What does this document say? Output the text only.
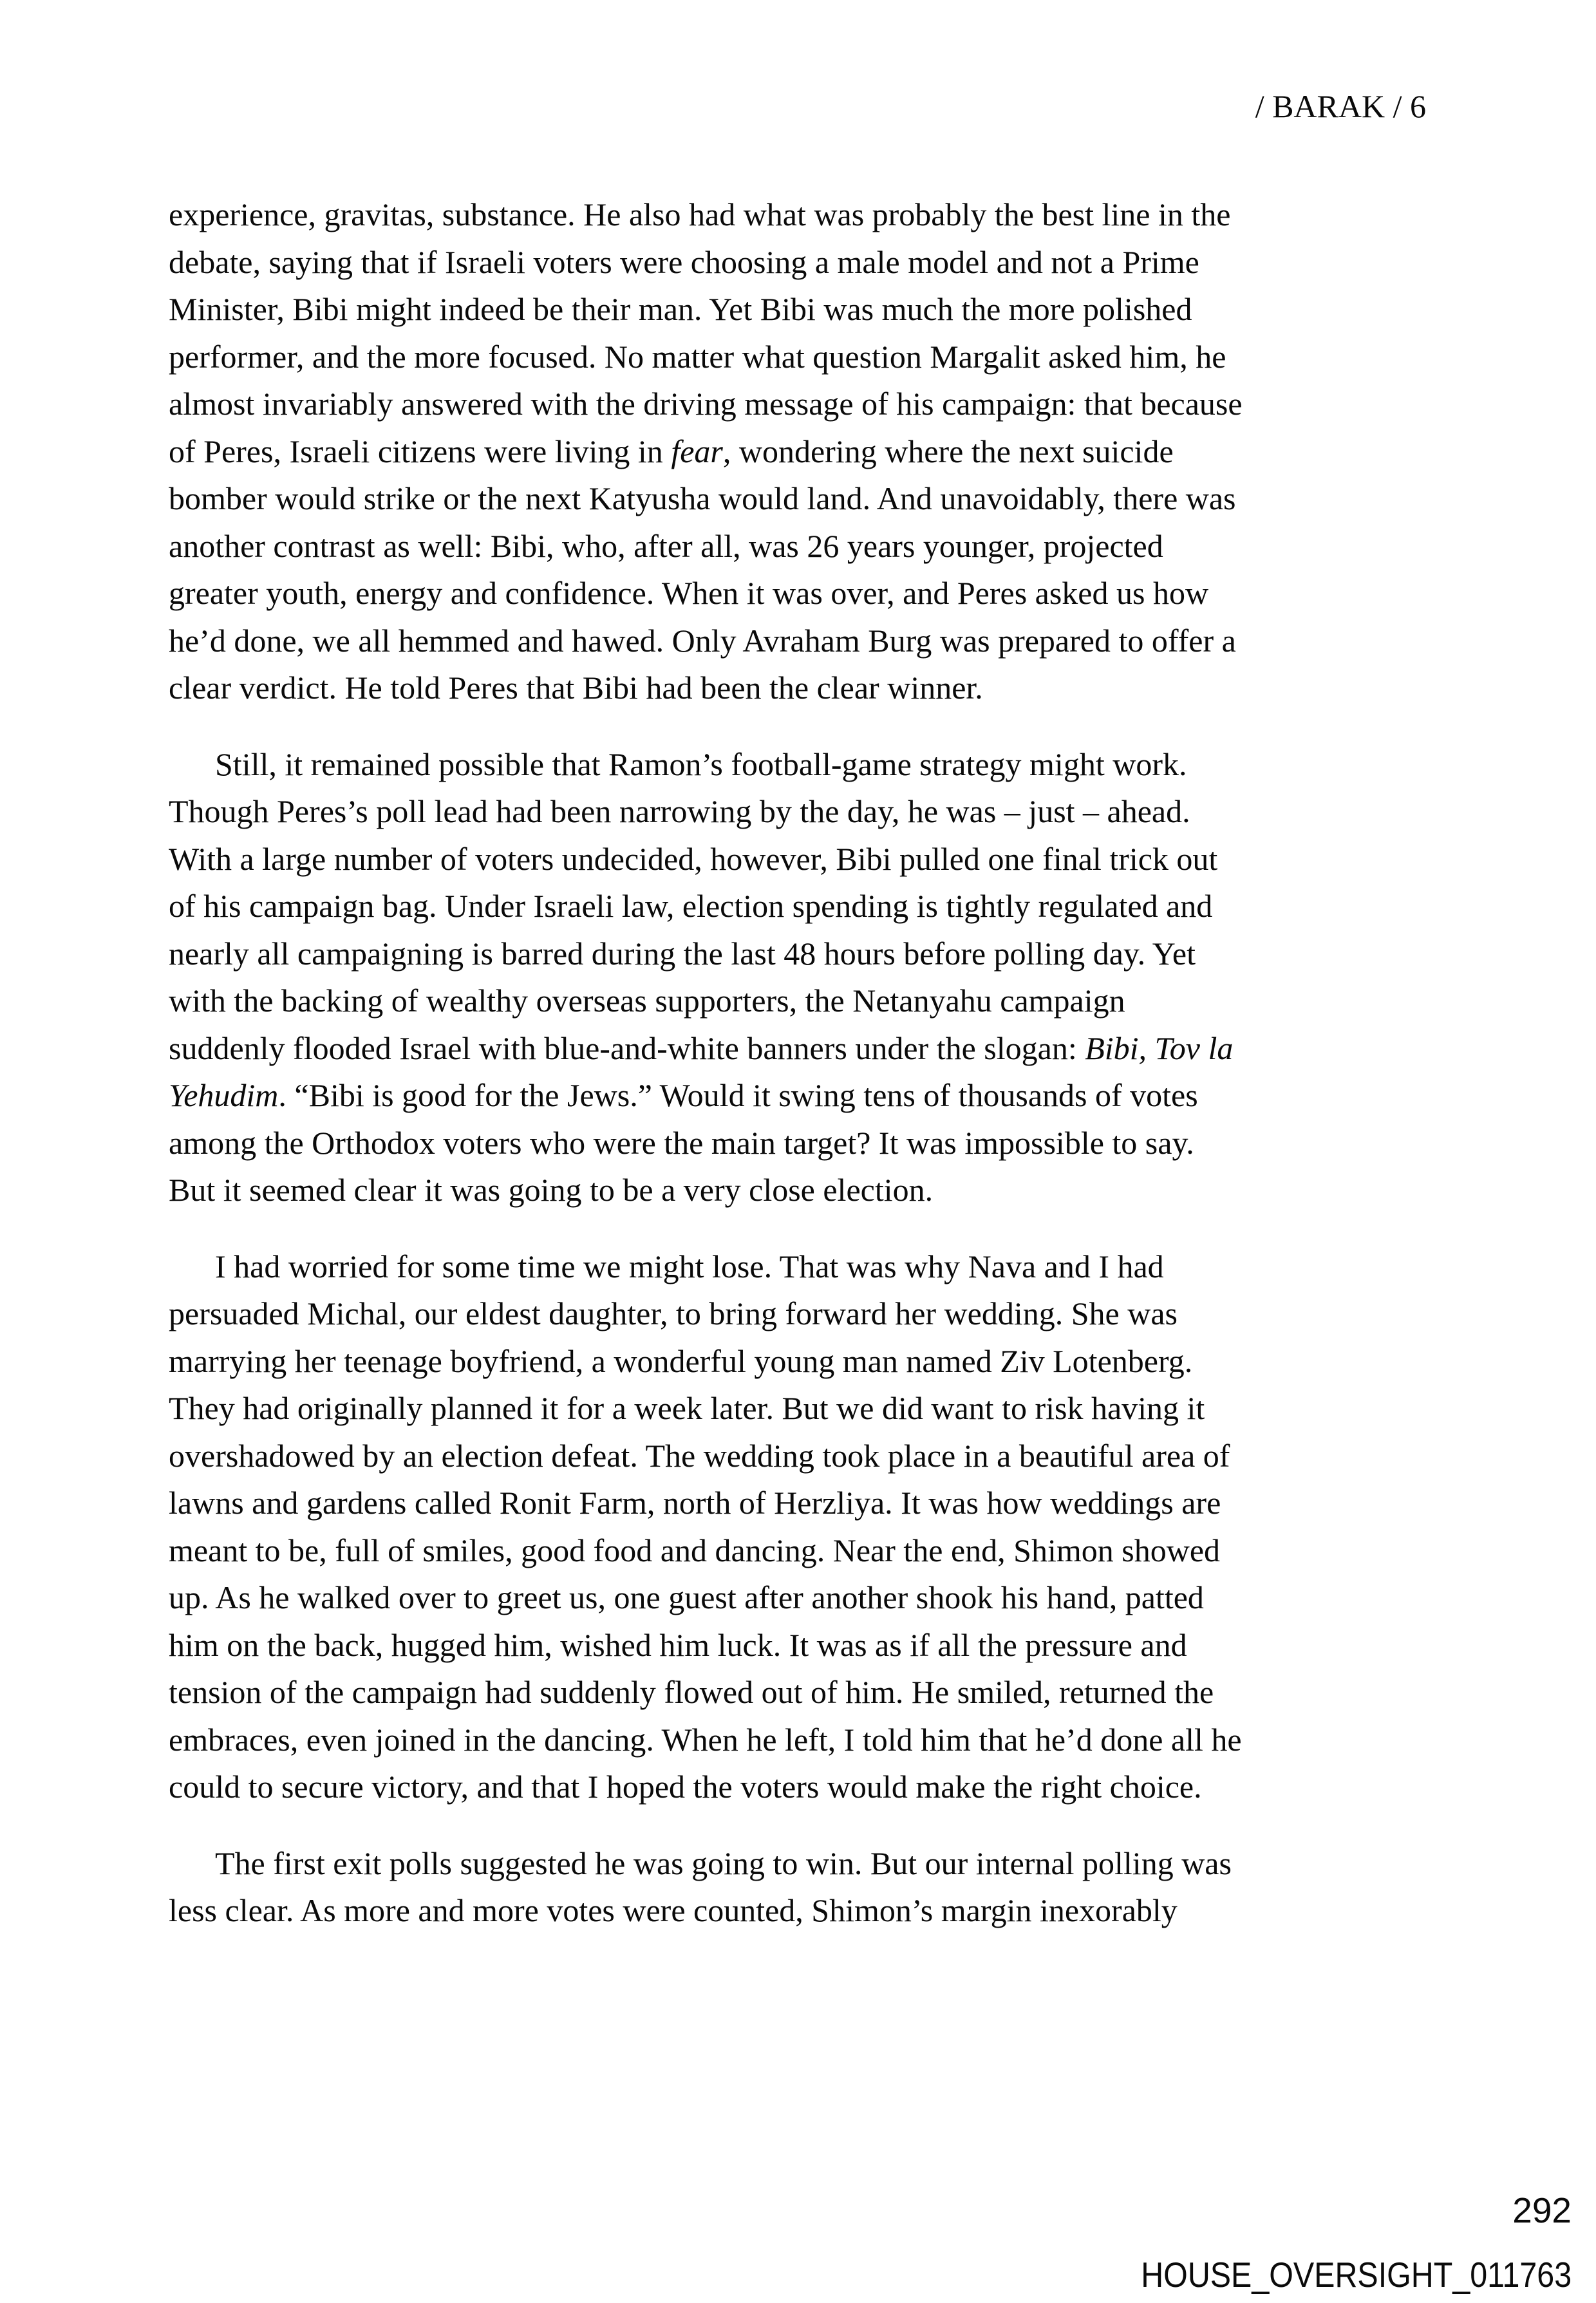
/ BARAK / 6
experience, gravitas, substance. He also had what was probably the best line in the
debate, saying that if Israeli voters were choosing a male model and not a Prime
Minister, Bibi might indeed be their man. Yet Bibi was much the more polished
performer, and the more focused. No matter what question Margalit asked him, he
almost invariably answered with the driving message of his campaign: that because
of Peres, Israeli citizens were living in fear, wondering where the next suicide
bomber would strike or the next Katyusha would land. And unavoidably, there was
another contrast as well: Bibi, who, after all, was 26 years younger, projected
greater youth, energy and confidence. When it was over, and Peres asked us how
he’d done, we all hemmed and hawed. Only Avraham Burg was prepared to offer a
clear verdict. He told Peres that Bibi had been the clear winner.
Still, it remained possible that Ramon’s football-game strategy might work.
Though Peres’s poll lead had been narrowing by the day, he was – just – ahead.
With a large number of voters undecided, however, Bibi pulled one final trick out
of his campaign bag. Under Israeli law, election spending is tightly regulated and
nearly all campaigning is barred during the last 48 hours before polling day. Yet
with the backing of wealthy overseas supporters, the Netanyahu campaign
suddenly flooded Israel with blue-and-white banners under the slogan: Bibi, Tov la
Yehudim. “Bibi is good for the Jews.” Would it swing tens of thousands of votes
among the Orthodox voters who were the main target? It was impossible to say.
But it seemed clear it was going to be a very close election.
I had worried for some time we might lose. That was why Nava and I had
persuaded Michal, our eldest daughter, to bring forward her wedding. She was
marrying her teenage boyfriend, a wonderful young man named Ziv Lotenberg.
They had originally planned it for a week later. But we did want to risk having it
overshadowed by an election defeat. The wedding took place in a beautiful area of
lawns and gardens called Ronit Farm, north of Herzliya. It was how weddings are
meant to be, full of smiles, good food and dancing. Near the end, Shimon showed
up. As he walked over to greet us, one guest after another shook his hand, patted
him on the back, hugged him, wished him luck. It was as if all the pressure and
tension of the campaign had suddenly flowed out of him. He smiled, returned the
embraces, even joined in the dancing. When he left, I told him that he’d done all he
could to secure victory, and that I hoped the voters would make the right choice.
The first exit polls suggested he was going to win. But our internal polling was
less clear. As more and more votes were counted, Shimon’s margin inexorably
292
HOUSE_OVERSIGHT_011763
